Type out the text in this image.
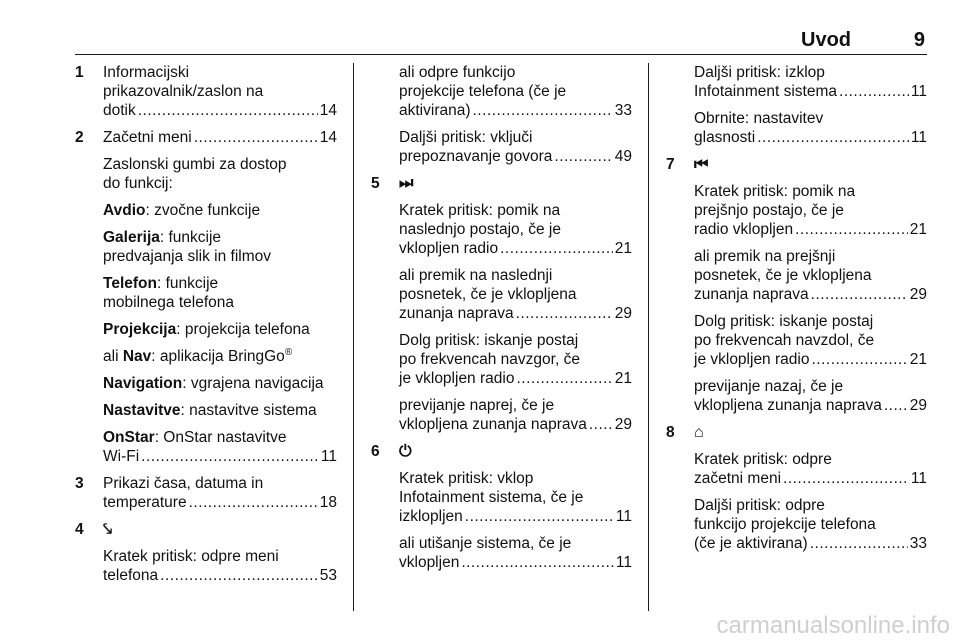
Uvod	9
1 Informacijski
prikazovalnik/zaslon na
dotik .....	14
2 Začetni meni .....	14
Zaslonski gumbi za dostop
do funkcij:
Avdio: zvočne funkcije
Galerija: funkcije
predvajanja slik in filmov
Telefon: funkcije
mobilnega telefona
Projekcija: projekcija telefona
ali Nav: aplikacija BringGo®
Navigation: vgrajena navigacija
Nastavitve: nastavitve sistema
OnStar: OnStar nastavitve
Wi-Fi .....	11
3 Prikazi časa, datuma in
temperature .....	18
4 ⤥
Kratek pritisk: odpre meni
telefona .....	53
ali odpre funkcijo
projekcije telefona (če je
aktivirana) .....	33
Daljši pritisk: vključi
prepoznavanje govora .....	49
5 ⏭
Kratek pritisk: pomik na
naslednjo postajo, če je
vklopljen radio .....	21
ali premik na naslednji
posnetek, če je vklopljena
zunanja naprava .....	29
Dolg pritisk: iskanje postaj
po frekvencah navzgor, če
je vklopljen radio .....	21
previjanje naprej, če je
vklopljena zunanja naprava ..... 29
6 ⏻
Kratek pritisk: vklop
Infotainment sistema, če je
izklopljen .....	11
ali utišanje sistema, če je
vklopljen .....	11
Daljši pritisk: izklop
Infotainment sistema .....	11
Obrnite: nastavitev
glasnosti .....	11
7 ⏮
Kratek pritisk: pomik na
prejšnjo postajo, če je
radio vklopljen .....	21
ali premik na prejšnji
posnetek, če je vklopljena
zunanja naprava .....	29
Dolg pritisk: iskanje postaj
po frekvencah navzdol, če
je vklopljen radio .....	21
previjanje nazaj, če je
vklopljena zunanja naprava ..... 29
8 ⌂
Kratek pritisk: odpre
začetni meni .....	11
Daljši pritisk: odpre
funkcijo projekcije telefona
(če je aktivirana) .....	33
carmanualsonline.info
